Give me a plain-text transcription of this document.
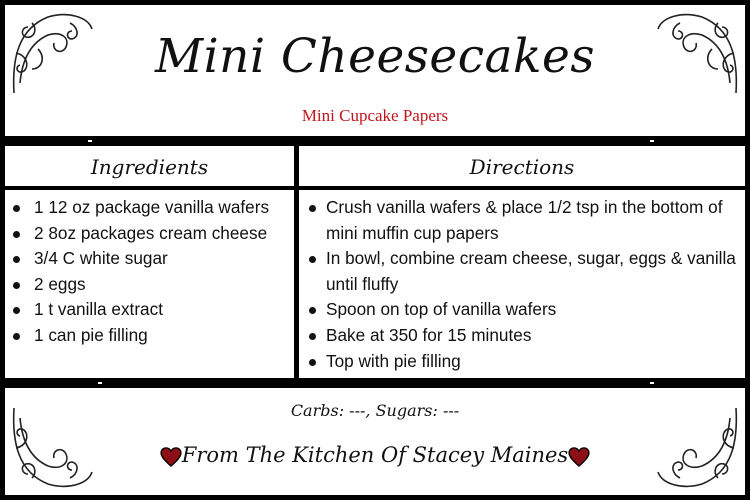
Mini Cheesecakes
Mini Cupcake Papers
Ingredients	Directions
1 12 oz package vanilla wafers
2 8oz packages cream cheese
3/4 C white sugar
2 eggs
1 t vanilla extract
1 can pie filling
Crush vanilla wafers & place 1/2 tsp in the bottom of mini muffin cup papers
In bowl, combine cream cheese, sugar, eggs & vanilla until fluffy
Spoon on top of vanilla wafers
Bake at 350 for 15 minutes
Top with pie filling
Carbs: ---, Sugars: ---
From The Kitchen Of Stacey Maines
